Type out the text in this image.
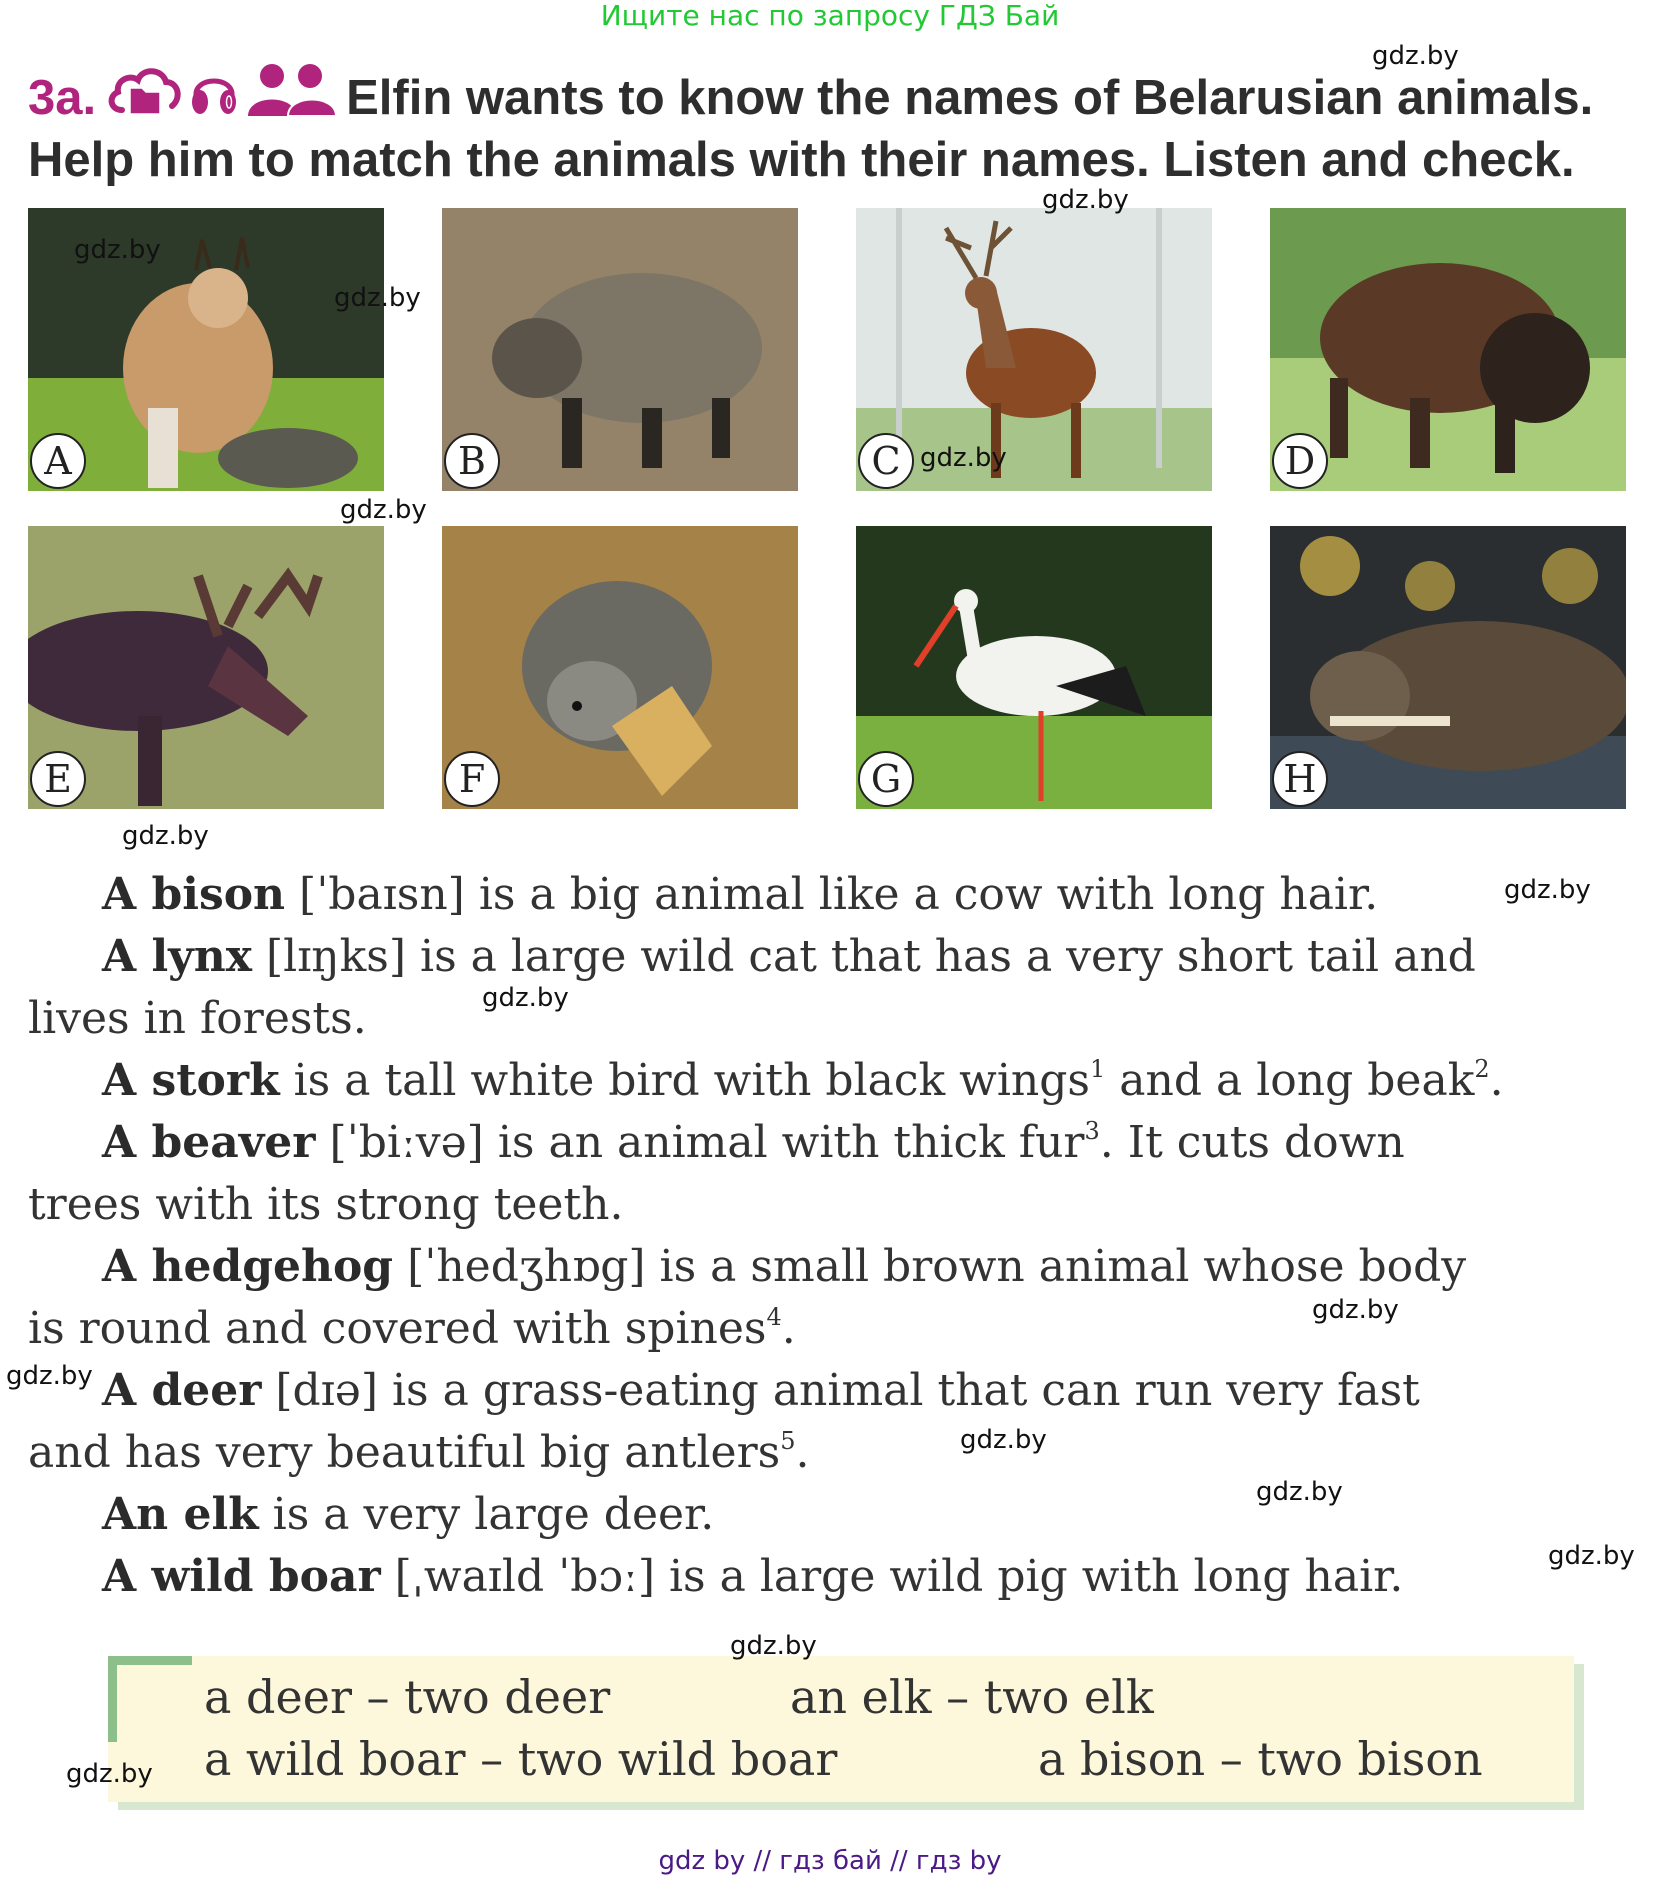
Ищите нас по запросу ГДЗ Бай
3a.	Elfin wants to know the names of Belarusian animals.
Help him to match the animals with their names. Listen and check.
A	B	C	D
E	F	G	H
A bison [ˈbaɪsn] is a big animal like a cow with long hair.
A lynx [lɪŋks] is a large wild cat that has a very short tail and
lives in forests.
A stork is a tall white bird with black wings$^1$ and a long beak$^2$.
A beaver [ˈbiːvə] is an animal with thick fur$^3$. It cuts down
trees with its strong teeth.
A hedgehog [ˈhedʒhɒg] is a small brown animal whose body
is round and covered with spines$^4$.
A deer [dɪə] is a grass-eating animal that can run very fast
and has very beautiful big antlers$^5$.
An elk is a very large deer.
A wild boar [ˌwaɪld ˈbɔː] is a large wild pig with long hair.
a deer – two deer	an elk – two elk
a wild boar – two wild boar	a bison – two bison
gdz.by
gdz.by
gdz.by
gdz.by
gdz.by
gdz.by
gdz.by
gdz.by
gdz.by
gdz.by
gdz.by
gdz.by
gdz.by
gdz.by
gdz.by
gdz.by
gdz by // гдз бай // гдз by
